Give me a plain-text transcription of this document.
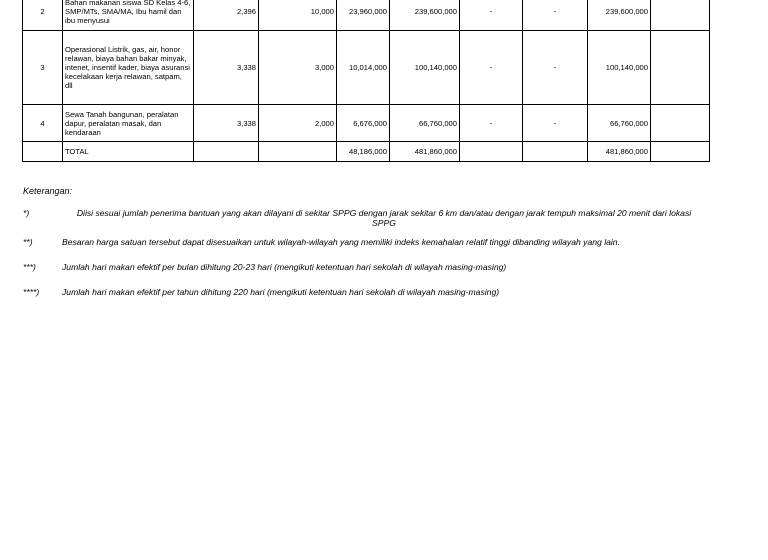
2	Bahan makanan siswa SD Kelas 4-6, SMP/MTs, SMA/MA, Ibu hamil dan ibu menyusui	2,396	10,000	23,960,000	239,600,000	-	-	239,600,000	
3	Operasional Listrik, gas, air, honor relawan, biaya bahan bakar minyak, intenet, insentif kader, biaya asuransi kecelakaan kerja relawan, satpam, dll	3,338	3,000	10,014,000	100,140,000	-	-	100,140,000	
4	Sewa Tanah bangunan, peralatan dapur, peralatan masak, dan kendaraan	3,338	2,000	6,676,000	66,760,000	-	-	66,760,000	
	TOTAL			48,186,000	481,860,000			481,860,000	
Keterangan:
*)	Diisi sesuai jumlah penerima bantuan yang akan dilayani di sekitar SPPG dengan jarak sekitar 6 km dan/atau dengan jarak tempuh maksimal 20 menit dari lokasi SPPG
**)	Besaran harga satuan tersebut dapat disesuaikan untuk wilayah-wilayah yang memiliki indeks kemahalan relatif tinggi dibanding wilayah yang lain.
***)	Jumlah hari makan efektif per bulan dihitung 20-23 hari (mengikuti ketentuan hari sekolah di wilayah masing-masing)
****)	Jumlah hari makan efektif per tahun dihitung 220 hari (mengikuti ketentuan hari sekolah di wilayah masing-masing)
